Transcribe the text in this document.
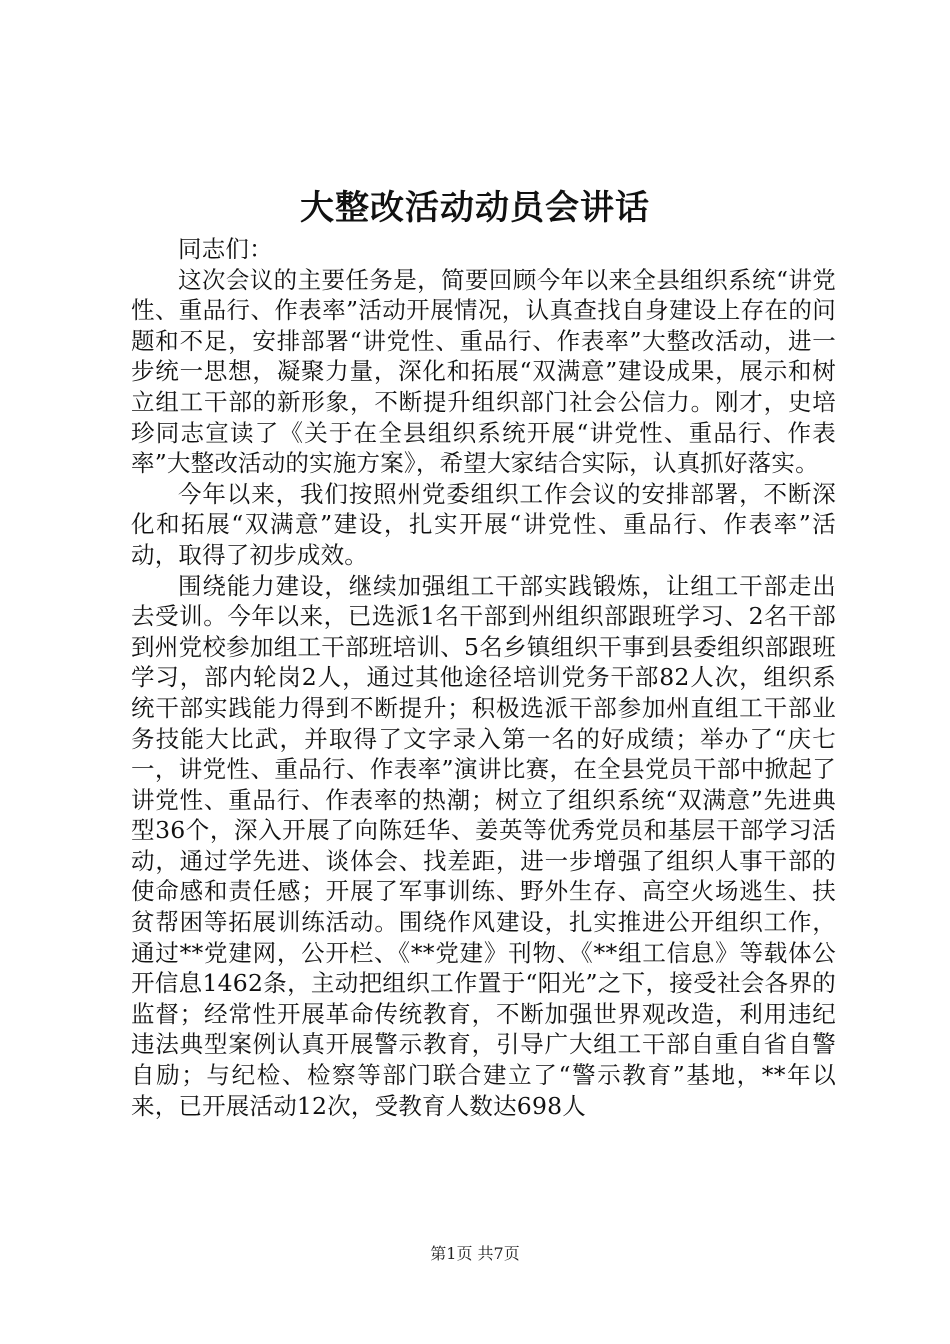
大整改活动动员会讲话

同志们：

这次会议的主要任务是，简要回顾今年以来全县组织系统“讲党性、重品行、作表率”活动开展情况，认真查找自身建设上存在的问题和不足，安排部署“讲党性、重品行、作表率”大整改活动，进一步统一思想，凝聚力量，深化和拓展“双满意”建设成果，展示和树立组工干部的新形象，不断提升组织部门社会公信力。刚才，史培珍同志宣读了《关于在全县组织系统开展“讲党性、重品行、作表率”大整改活动的实施方案》，希望大家结合实际，认真抓好落实。

今年以来，我们按照州党委组织工作会议的安排部署，不断深化和拓展“双满意”建设，扎实开展“讲党性、重品行、作表率”活动，取得了初步成效。

围绕能力建设，继续加强组工干部实践锻炼，让组工干部走出去受训。今年以来，已选派1名干部到州组织部跟班学习、2名干部到州党校参加组工干部班培训、5名乡镇组织干事到县委组织部跟班学习，部内轮岗2人，通过其他途径培训党务干部82人次，组织系统干部实践能力得到不断提升；积极选派干部参加州直组工干部业务技能大比武，并取得了文字录入第一名的好成绩；举办了“庆七一，讲党性、重品行、作表率”演讲比赛，在全县党员干部中掀起了讲党性、重品行、作表率的热潮；树立了组织系统“双满意”先进典型36个，深入开展了向陈廷华、姜英等优秀党员和基层干部学习活动，通过学先进、谈体会、找差距，进一步增强了组织人事干部的使命感和责任感；开展了军事训练、野外生存、高空火场逃生、扶贫帮困等拓展训练活动。围绕作风建设，扎实推进公开组织工作，通过**党建网，公开栏、《**党建》刊物、《**组工信息》等载体公开信息1462条，主动把组织工作置于“阳光”之下，接受社会各界的监督；经常性开展革命传统教育，不断加强世界观改造，利用违纪违法典型案例认真开展警示教育，引导广大组工干部自重自省自警自励；与纪检、检察等部门联合建立了“警示教育”基地，**年以来，已开展活动12次，受教育人数达698人

第1页 共7页
